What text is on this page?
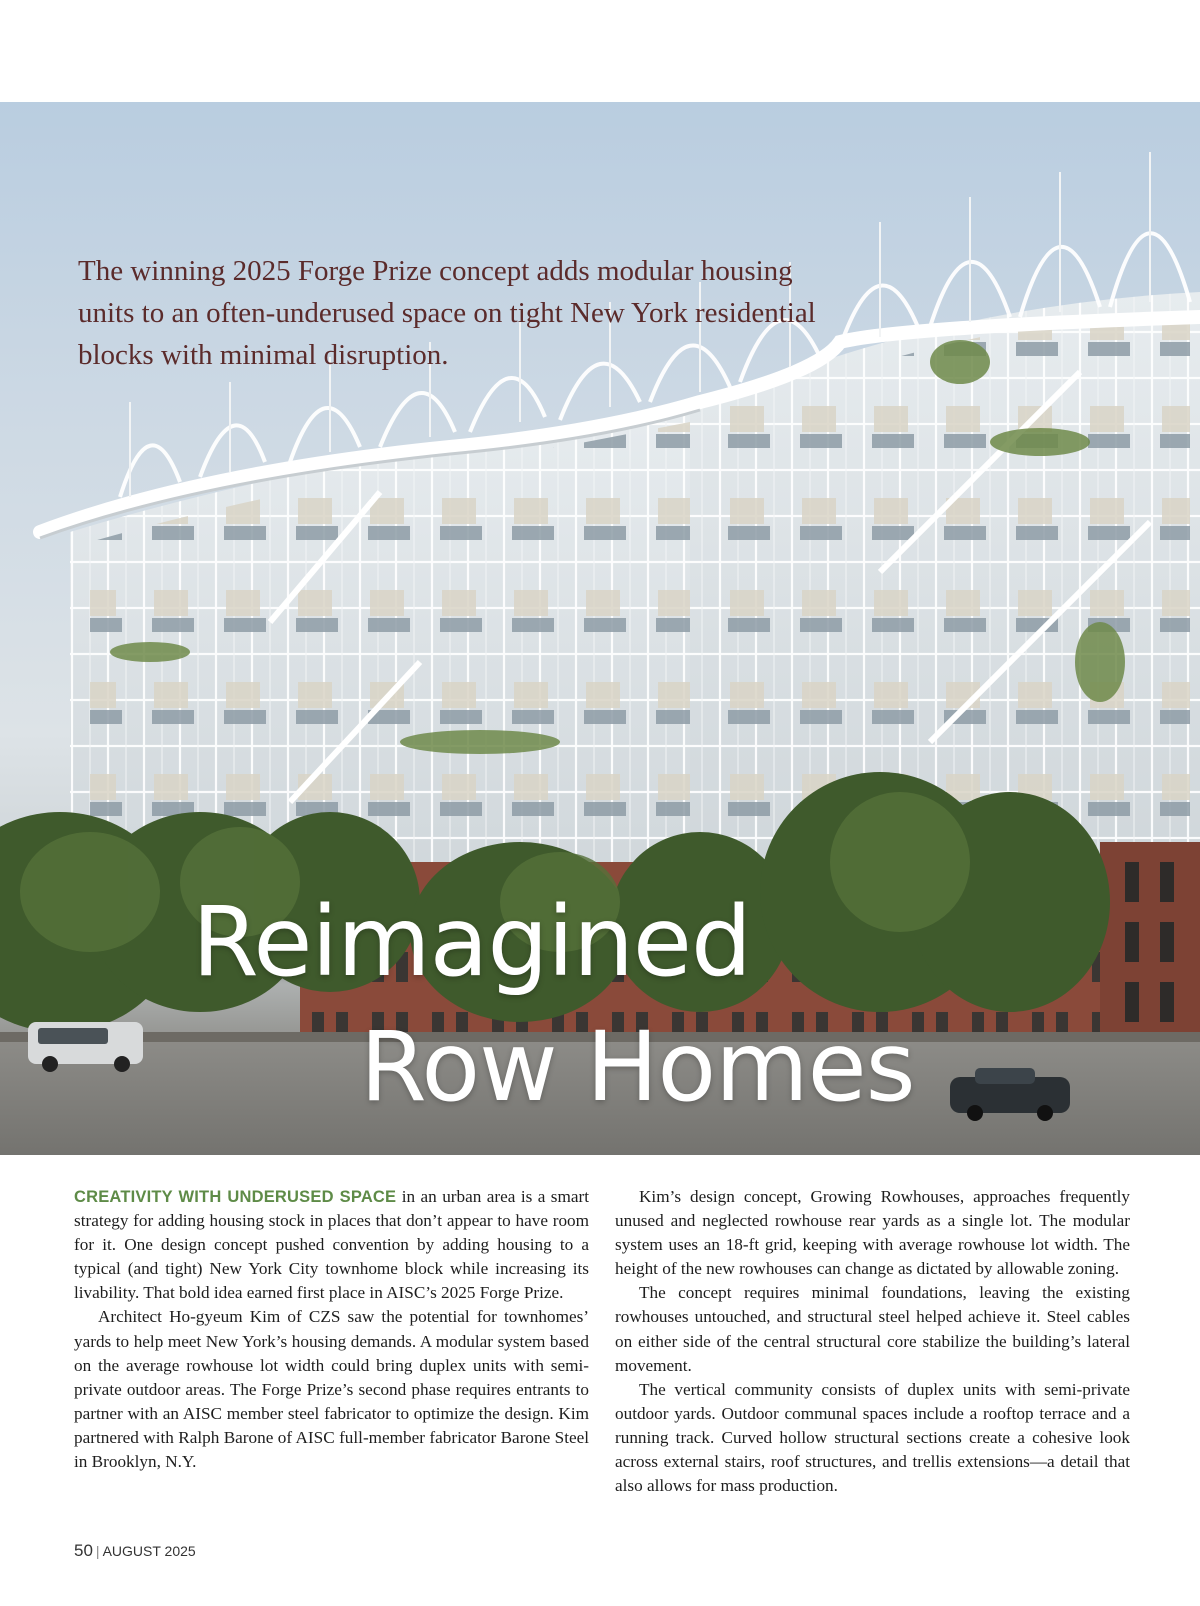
The winning 2025 Forge Prize concept adds modular housing units to an often-underused space on tight New York residential blocks with minimal disruption.

Reimagined
Row Homes

CREATIVITY WITH UNDERUSED SPACE in an urban area is a smart strategy for adding housing stock in places that don’t appear to have room for it. One design concept pushed convention by adding housing to a typical (and tight) New York City townhome block while increasing its livability. That bold idea earned first place in AISC’s 2025 Forge Prize.

Architect Ho-gyeum Kim of CZS saw the potential for townhomes’ yards to help meet New York’s housing demands. A modular system based on the average rowhouse lot width could bring duplex units with semi-private outdoor areas. The Forge Prize’s second phase requires entrants to partner with an AISC member steel fabricator to optimize the design. Kim partnered with Ralph Barone of AISC full-member fabricator Barone Steel in Brooklyn, N.Y.

Kim’s design concept, Growing Rowhouses, approaches frequently unused and neglected rowhouse rear yards as a single lot. The modular system uses an 18-ft grid, keeping with average rowhouse lot width. The height of the new rowhouses can change as dictated by allowable zoning.

The concept requires minimal foundations, leaving the existing rowhouses untouched, and structural steel helped achieve it. Steel cables on either side of the central structural core stabilize the building’s lateral movement.

The vertical community consists of duplex units with semi-private outdoor yards. Outdoor communal spaces include a rooftop terrace and a running track. Curved hollow structural sections create a cohesive look across external stairs, roof structures, and trellis extensions—a detail that also allows for mass production.

50 | AUGUST 2025
